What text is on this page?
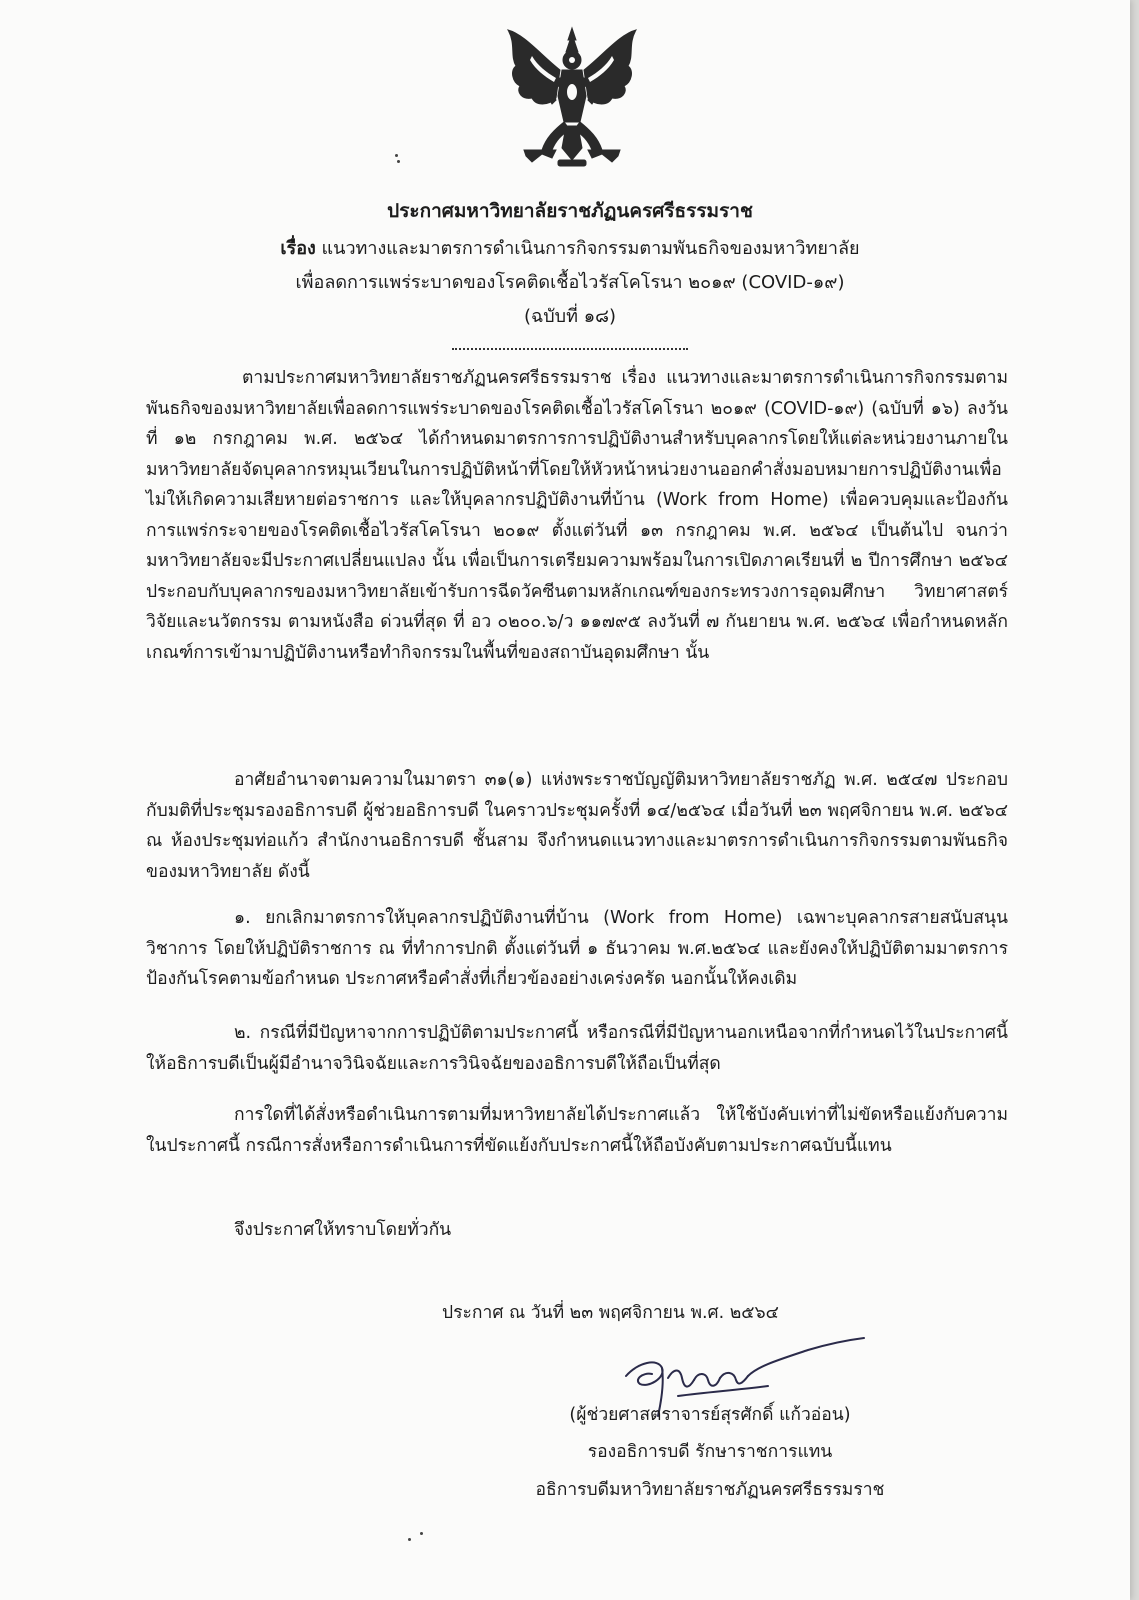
ประกาศมหาวิทยาลัยราชภัฏนครศรีธรรมราช

เรื่อง แนวทางและมาตรการดำเนินการกิจกรรมตามพันธกิจของมหาวิทยาลัย

เพื่อลดการแพร่ระบาดของโรคติดเชื้อไวรัสโคโรนา ๒๐๑๙ (COVID-๑๙)

(ฉบับที่ ๑๘)

ตามประกาศมหาวิทยาลัยราชภัฏนครศรีธรรมราช เรื่อง แนวทางและมาตรการดำเนินการกิจกรรมตามพันธกิจของมหาวิทยาลัยเพื่อลดการแพร่ระบาดของโรคติดเชื้อไวรัสโคโรนา ๒๐๑๙ (COVID-๑๙) (ฉบับที่ ๑๖) ลงวันที่ ๑๒ กรกฎาคม พ.ศ. ๒๕๖๔ ได้กำหนดมาตรการการปฏิบัติงานสำหรับบุคลากรโดยให้แต่ละหน่วยงานภายในมหาวิทยาลัยจัดบุคลากรหมุนเวียนในการปฏิบัติหน้าที่โดยให้หัวหน้าหน่วยงานออกคำสั่งมอบหมายการปฏิบัติงานเพื่อไม่ให้เกิดความเสียหายต่อราชการ และให้บุคลากรปฏิบัติงานที่บ้าน (Work from Home) เพื่อควบคุมและป้องกันการแพร่กระจายของโรคติดเชื้อไวรัสโคโรนา ๒๐๑๙ ตั้งแต่วันที่ ๑๓ กรกฎาคม พ.ศ. ๒๕๖๔ เป็นต้นไป จนกว่ามหาวิทยาลัยจะมีประกาศเปลี่ยนแปลง นั้น เพื่อเป็นการเตรียมความพร้อมในการเปิดภาคเรียนที่ ๒ ปีการศึกษา ๒๕๖๔ ประกอบกับบุคลากรของมหาวิทยาลัยเข้ารับการฉีดวัคซีนตามหลักเกณฑ์ของกระทรวงการอุดมศึกษา วิทยาศาสตร์ วิจัยและนวัตกรรม ตามหนังสือ ด่วนที่สุด ที่ อว ๐๒๐๐.๖/ว ๑๑๗๙๕ ลงวันที่ ๗ กันยายน พ.ศ. ๒๕๖๔ เพื่อกำหนดหลักเกณฑ์การเข้ามาปฏิบัติงานหรือทำกิจกรรมในพื้นที่ของสถาบันอุดมศึกษา นั้น

อาศัยอำนาจตามความในมาตรา ๓๑(๑) แห่งพระราชบัญญัติมหาวิทยาลัยราชภัฏ พ.ศ. ๒๕๔๗ ประกอบกับมติที่ประชุมรองอธิการบดี ผู้ช่วยอธิการบดี ในคราวประชุมครั้งที่ ๑๔/๒๕๖๔ เมื่อวันที่ ๒๓ พฤศจิกายน พ.ศ. ๒๕๖๔ ณ ห้องประชุมท่อแก้ว สำนักงานอธิการบดี ชั้นสาม จึงกำหนดแนวทางและมาตรการดำเนินการกิจกรรมตามพันธกิจของมหาวิทยาลัย ดังนี้

๑. ยกเลิกมาตรการให้บุคลากรปฏิบัติงานที่บ้าน (Work from Home) เฉพาะบุคลากรสายสนับสนุนวิชาการ โดยให้ปฏิบัติราชการ ณ ที่ทำการปกติ ตั้งแต่วันที่ ๑ ธันวาคม พ.ศ.๒๕๖๔ และยังคงให้ปฏิบัติตามมาตรการป้องกันโรคตามข้อกำหนด ประกาศหรือคำสั่งที่เกี่ยวข้องอย่างเคร่งครัด นอกนั้นให้คงเดิม

๒. กรณีที่มีปัญหาจากการปฏิบัติตามประกาศนี้ หรือกรณีที่มีปัญหานอกเหนือจากที่กำหนดไว้ในประกาศนี้ ให้อธิการบดีเป็นผู้มีอำนาจวินิจฉัยและการวินิจฉัยของอธิการบดีให้ถือเป็นที่สุด

การใดที่ได้สั่งหรือดำเนินการตามที่มหาวิทยาลัยได้ประกาศแล้ว ให้ใช้บังคับเท่าที่ไม่ขัดหรือแย้งกับความในประกาศนี้ กรณีการสั่งหรือการดำเนินการที่ขัดแย้งกับประกาศนี้ให้ถือบังคับตามประกาศฉบับนี้แทน

จึงประกาศให้ทราบโดยทั่วกัน

ประกาศ ณ วันที่ ๒๓ พฤศจิกายน พ.ศ. ๒๕๖๔

(ผู้ช่วยศาสตราจารย์สุรศักดิ์ แก้วอ่อน)

รองอธิการบดี รักษาราชการแทน

อธิการบดีมหาวิทยาลัยราชภัฏนครศรีธรรมราช
